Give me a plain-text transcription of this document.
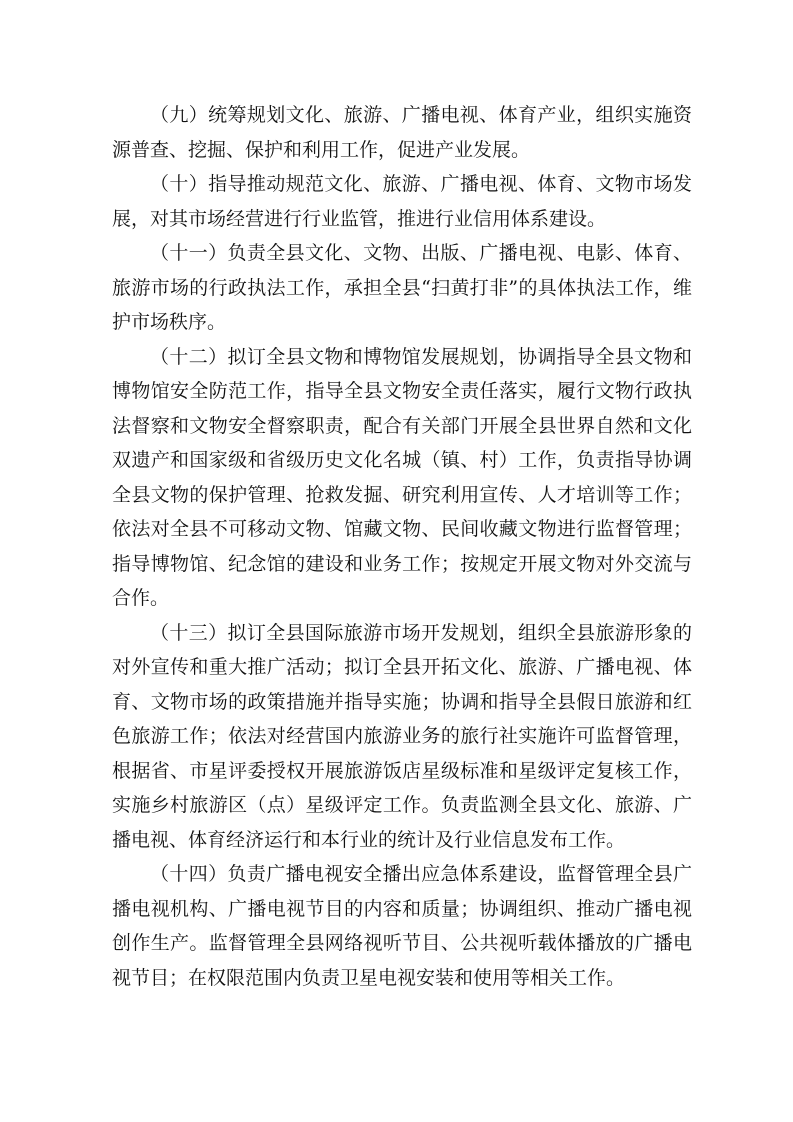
（九）统筹规划文化、旅游、广播电视、体育产业，组织实施资源普查、挖掘、保护和利用工作，促进产业发展。

（十）指导推动规范文化、旅游、广播电视、体育、文物市场发展，对其市场经营进行行业监管，推进行业信用体系建设。

（十一）负责全县文化、文物、出版、广播电视、电影、体育、旅游市场的行政执法工作，承担全县“扫黄打非”的具体执法工作，维护市场秩序。

（十二）拟订全县文物和博物馆发展规划，协调指导全县文物和博物馆安全防范工作，指导全县文物安全责任落实，履行文物行政执法督察和文物安全督察职责，配合有关部门开展全县世界自然和文化双遗产和国家级和省级历史文化名城（镇、村）工作，负责指导协调全县文物的保护管理、抢救发掘、研究利用宣传、人才培训等工作；依法对全县不可移动文物、馆藏文物、民间收藏文物进行监督管理；指导博物馆、纪念馆的建设和业务工作；按规定开展文物对外交流与合作。

（十三）拟订全县国际旅游市场开发规划，组织全县旅游形象的对外宣传和重大推广活动；拟订全县开拓文化、旅游、广播电视、体育、文物市场的政策措施并指导实施；协调和指导全县假日旅游和红色旅游工作；依法对经营国内旅游业务的旅行社实施许可监督管理，根据省、市星评委授权开展旅游饭店星级标准和星级评定复核工作，实施乡村旅游区（点）星级评定工作。负责监测全县文化、旅游、广播电视、体育经济运行和本行业的统计及行业信息发布工作。

（十四）负责广播电视安全播出应急体系建设，监督管理全县广播电视机构、广播电视节目的内容和质量；协调组织、推动广播电视创作生产。监督管理全县网络视听节目、公共视听载体播放的广播电视节目；在权限范围内负责卫星电视安装和使用等相关工作。
